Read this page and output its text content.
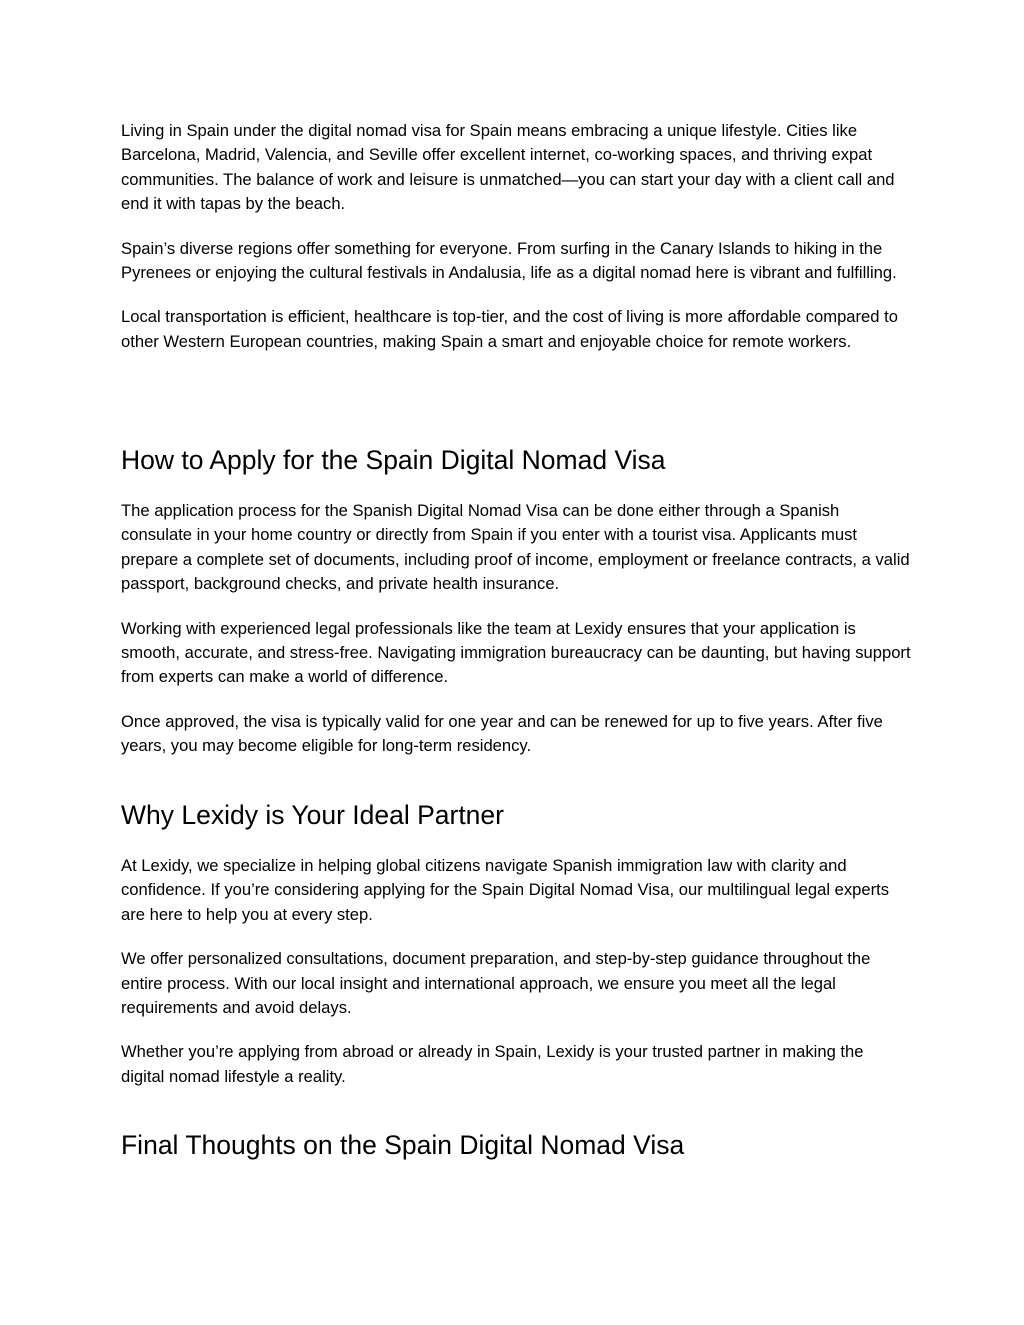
Living in Spain under the digital nomad visa for Spain means embracing a unique lifestyle. Cities like Barcelona, Madrid, Valencia, and Seville offer excellent internet, co-working spaces, and thriving expat communities. The balance of work and leisure is unmatched—you can start your day with a client call and end it with tapas by the beach.

Spain’s diverse regions offer something for everyone. From surfing in the Canary Islands to hiking in the Pyrenees or enjoying the cultural festivals in Andalusia, life as a digital nomad here is vibrant and fulfilling.

Local transportation is efficient, healthcare is top-tier, and the cost of living is more affordable compared to other Western European countries, making Spain a smart and enjoyable choice for remote workers.

How to Apply for the Spain Digital Nomad Visa

The application process for the Spanish Digital Nomad Visa can be done either through a Spanish consulate in your home country or directly from Spain if you enter with a tourist visa. Applicants must prepare a complete set of documents, including proof of income, employment or freelance contracts, a valid passport, background checks, and private health insurance.

Working with experienced legal professionals like the team at Lexidy ensures that your application is smooth, accurate, and stress-free. Navigating immigration bureaucracy can be daunting, but having support from experts can make a world of difference.

Once approved, the visa is typically valid for one year and can be renewed for up to five years. After five years, you may become eligible for long-term residency.

Why Lexidy is Your Ideal Partner

At Lexidy, we specialize in helping global citizens navigate Spanish immigration law with clarity and confidence. If you’re considering applying for the Spain Digital Nomad Visa, our multilingual legal experts are here to help you at every step.

We offer personalized consultations, document preparation, and step-by-step guidance throughout the entire process. With our local insight and international approach, we ensure you meet all the legal requirements and avoid delays.

Whether you’re applying from abroad or already in Spain, Lexidy is your trusted partner in making the digital nomad lifestyle a reality.

Final Thoughts on the Spain Digital Nomad Visa
